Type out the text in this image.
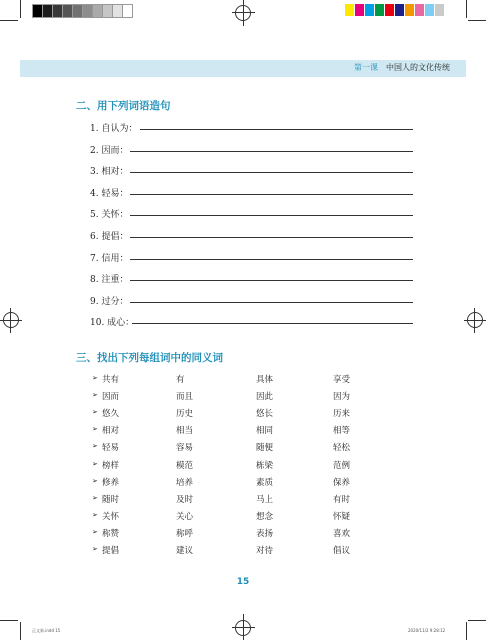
第一课 中国人的文化传统
二、用下列词语造句
1. 自认为：
2. 因而：
3. 相对：
4. 轻易：
5. 关怀：
6. 提倡：
7. 信用：
8. 注重：
9. 过分：
10. 成心：
三、找出下列每组词中的同义词
➢ 共有	有	具体	享受
➢ 因而	而且	因此	因为
➢ 悠久	历史	悠长	历来
➢ 相对	相当	相同	相等
➢ 轻易	容易	随便	轻松
➢ 榜样	模范	栋梁	范例
➢ 修养	培养	素质	保养
➢ 随时	及时	马上	有时
➢ 关怀	关心	想念	怀疑
➢ 称赞	称呼	表扬	喜欢
➢ 提倡	建议	对待	倡议
15
正文新.indd 15	2020/11/2 9:28:12
